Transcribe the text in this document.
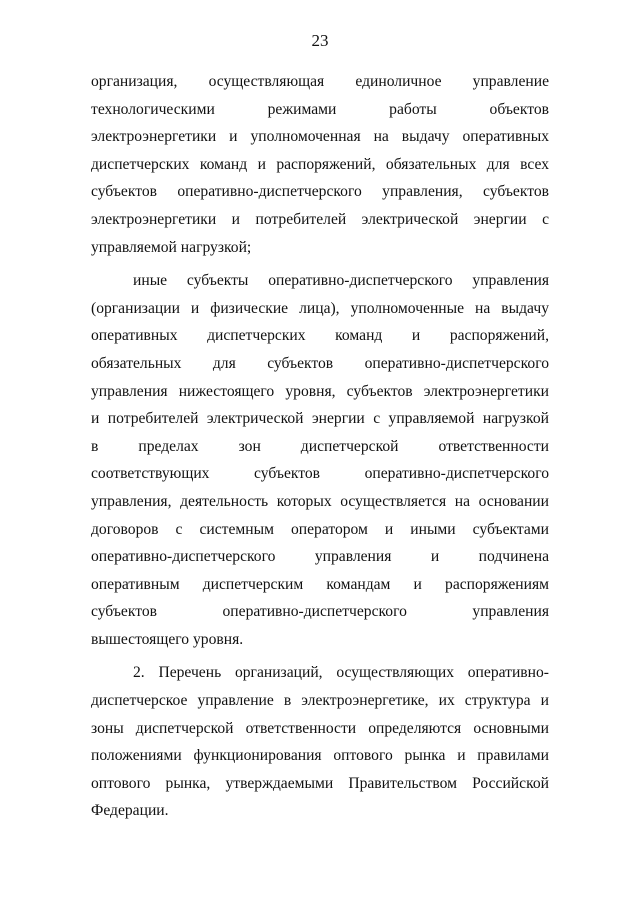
23
организация, осуществляющая единоличное управление
технологическими режимами работы объектов
электроэнергетики и уполномоченная на выдачу оперативных
диспетчерских команд и распоряжений, обязательных для всех
субъектов оперативно-диспетчерского управления, субъектов
электроэнергетики и потребителей электрической энергии с
управляемой нагрузкой;
иные субъекты оперативно-диспетчерского управления
(организации и физические лица), уполномоченные на выдачу
оперативных диспетчерских команд и распоряжений,
обязательных для субъектов оперативно-диспетчерского
управления нижестоящего уровня, субъектов электроэнергетики
и потребителей электрической энергии с управляемой нагрузкой
в пределах зон диспетчерской ответственности
соответствующих субъектов оперативно-диспетчерского
управления, деятельность которых осуществляется на основании
договоров с системным оператором и иными субъектами
оперативно-диспетчерского управления и подчинена
оперативным диспетчерским командам и распоряжениям
субъектов оперативно-диспетчерского управления
вышестоящего уровня.
2. Перечень организаций, осуществляющих оперативно-
диспетчерское управление в электроэнергетике, их структура и
зоны диспетчерской ответственности определяются основными
положениями функционирования оптового рынка и правилами
оптового рынка, утверждаемыми Правительством Российской
Федерации.
